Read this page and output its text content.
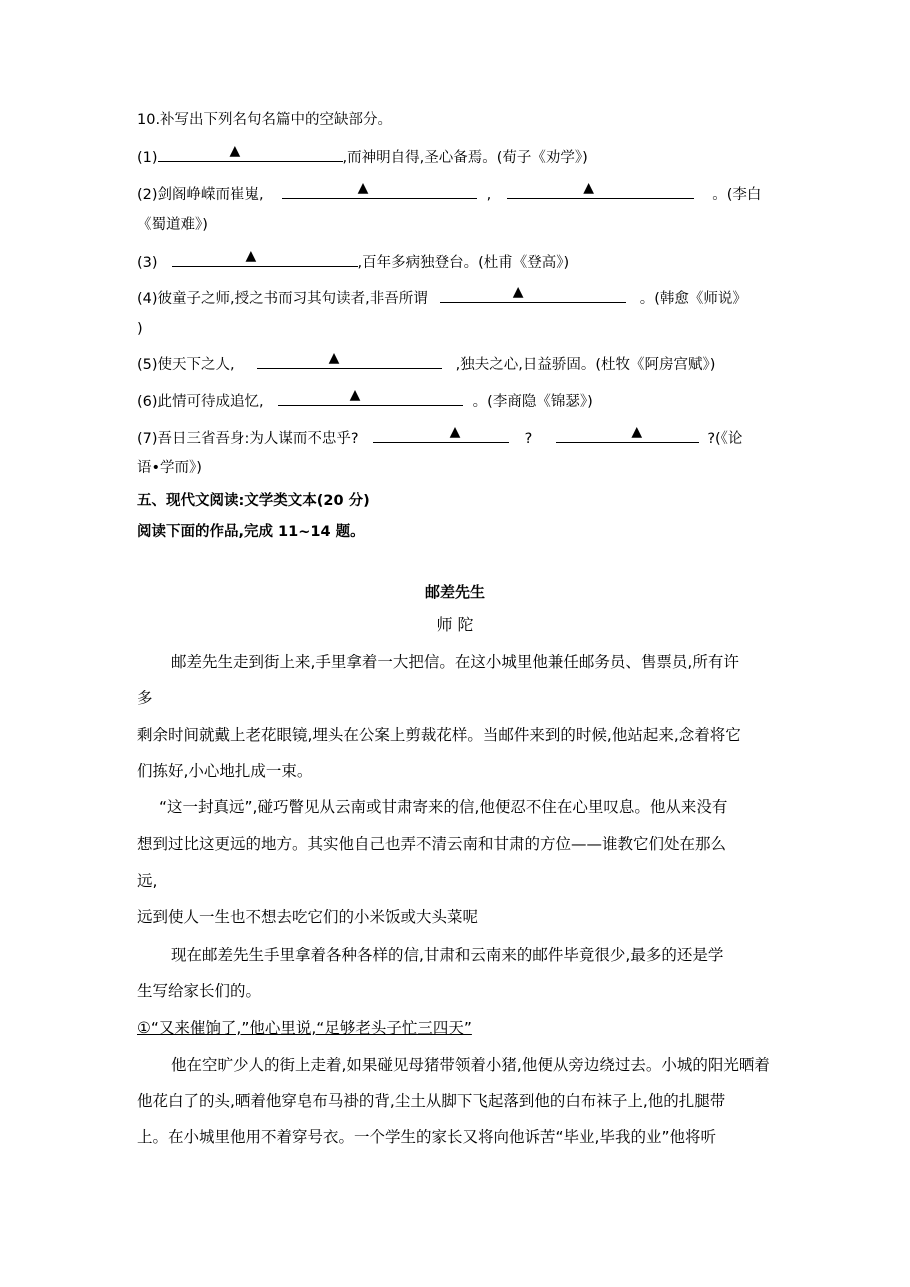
10.补写出下列名句名篇中的空缺部分。
(1)	▲	,而神明自得,圣心备焉。(荀子《劝学》)
(2)剑阁峥嵘而崔嵬,	▲	,	▲	。(李白
《蜀道难》)
(3)	▲	,百年多病独登台。(杜甫《登高》)
(4)彼童子之师,授之书而习其句读者,非吾所谓	▲	。(韩愈《师说》
)
(5)使天下之人,	▲	,独夫之心,日益骄固。(杜牧《阿房宫赋》)
(6)此情可待成追忆,	▲	。(李商隐《锦瑟》)
(7)吾日三省吾身:为人谋而不忠乎?	▲	?	▲	?(《论
语•学而》)
五、现代文阅读:文学类文本(20 分)
阅读下面的作品,完成 11~14 题。
邮差先生
师 陀
邮差先生走到街上来,手里拿着一大把信。在这小城里他兼任邮务员、售票员,所有许
多
剩余时间就戴上老花眼镜,埋头在公案上剪裁花样。当邮件来到的时候,他站起来,念着将它
们拣好,小心地扎成一束。
“这一封真远”,碰巧瞥见从云南或甘肃寄来的信,他便忍不住在心里叹息。他从来没有
想到过比这更远的地方。其实他自己也弄不清云南和甘肃的方位——谁教它们处在那么
远,
远到使人一生也不想去吃它们的小米饭或大头菜呢
现在邮差先生手里拿着各种各样的信,甘肃和云南来的邮件毕竟很少,最多的还是学
生写给家长们的。
①“又来催饷了,”他心里说,“足够老头子忙三四天”
他在空旷少人的街上走着,如果碰见母猪带领着小猪,他便从旁边绕过去。小城的阳光晒着
他花白了的头,晒着他穿皂布马褂的背,尘土从脚下飞起落到他的白布袜子上,他的扎腿带
上。在小城里他用不着穿号衣。一个学生的家长又将向他诉苦“毕业,毕我的业”他将听
